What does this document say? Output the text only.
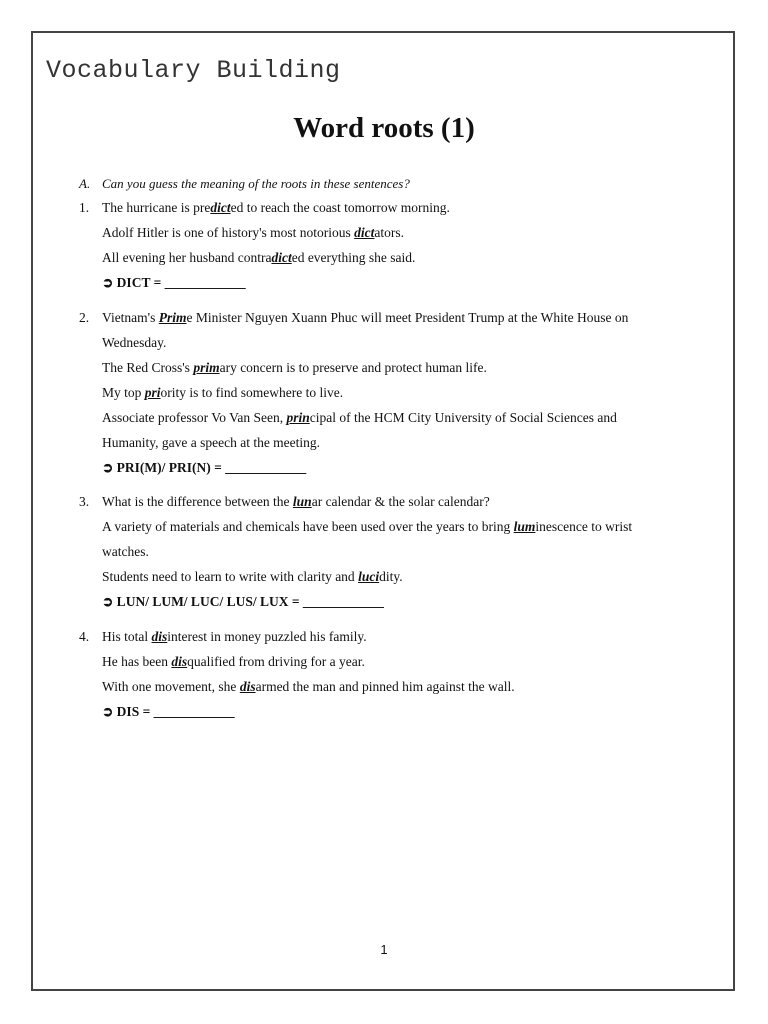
Vocabulary Building
Word roots (1)
A. Can you guess the meaning of the roots in these sentences?
1. The hurricane is predicted to reach the coast tomorrow morning.
Adolf Hitler is one of history's most notorious dictators.
All evening her husband contradicted everything she said.
➲ DICT = ____________
2. Vietnam's Prime Minister Nguyen Xuann Phuc will meet President Trump at the White House on
Wednesday.
The Red Cross's primary concern is to preserve and protect human life.
My top priority is to find somewhere to live.
Associate professor Vo Van Seen, principal of the HCM City University of Social Sciences and
Humanity, gave a speech at the meeting.
➲ PRI(M)/ PRI(N) = ____________
3. What is the difference between the lunar calendar & the solar calendar?
A variety of materials and chemicals have been used over the years to bring luminescence to wrist
watches.
Students need to learn to write with clarity and lucidity.
➲ LUN/ LUM/ LUC/ LUS/ LUX = ____________
4. His total disinterest in money puzzled his family.
He has been disqualified from driving for a year.
With one movement, she disarmed the man and pinned him against the wall.
➲ DIS = ____________
1
